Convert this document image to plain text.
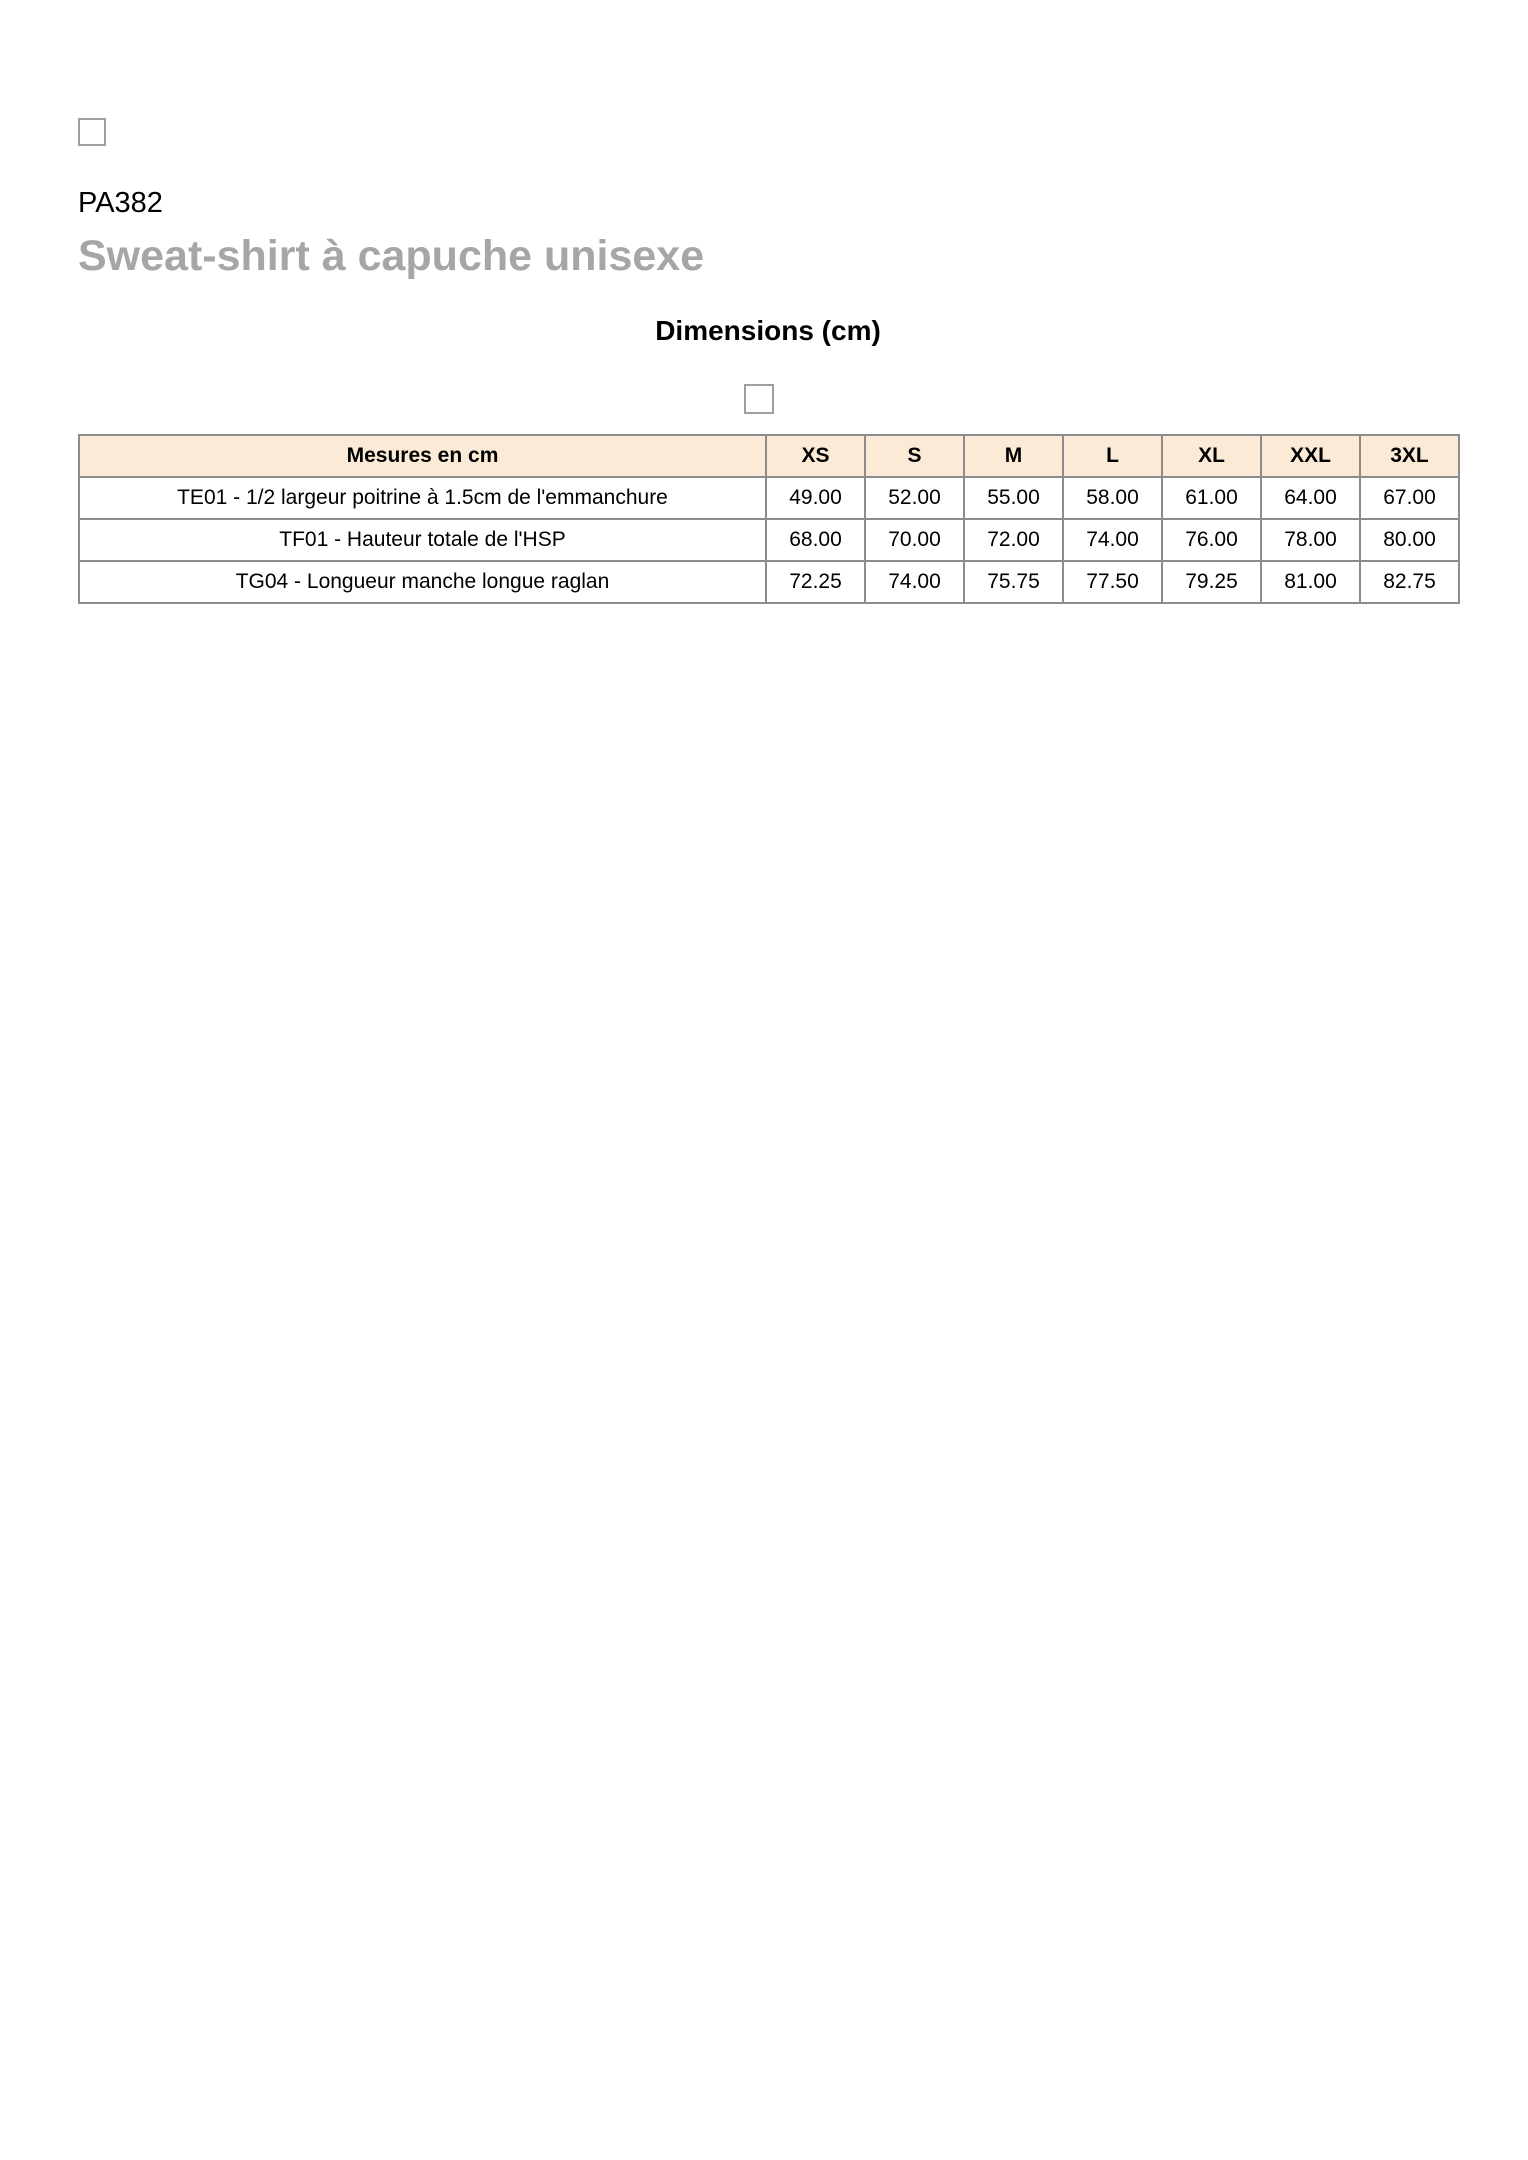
PA382
Sweat-shirt à capuche unisexe
Dimensions (cm)
Mesures en cm	XS	S	M	L	XL	XXL	3XL
TE01 - 1/2 largeur poitrine à 1.5cm de l'emmanchure	49.00	52.00	55.00	58.00	61.00	64.00	67.00
TF01 - Hauteur totale de l'HSP	68.00	70.00	72.00	74.00	76.00	78.00	80.00
TG04 - Longueur manche longue raglan	72.25	74.00	75.75	77.50	79.25	81.00	82.75
